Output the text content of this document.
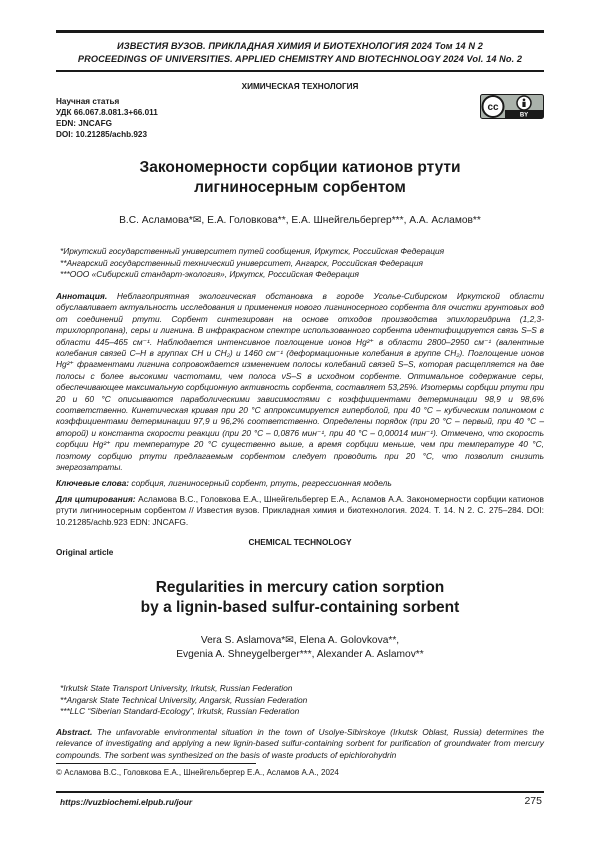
ИЗВЕСТИЯ ВУЗОВ. ПРИКЛАДНАЯ ХИМИЯ И БИОТЕХНОЛОГИЯ 2024 Том 14 N 2
PROCEEDINGS OF UNIVERSITIES. APPLIED CHEMISTRY AND BIOTECHNOLOGY 2024 Vol. 14 No. 2
ХИМИЧЕСКАЯ ТЕХНОЛОГИЯ
Научная статья
УДК 66.067.8.081.3+66.011
EDN: JNCAFG
DOI: 10.21285/achb.923
cc
BY
Закономерности сорбции катионов ртути
лигниносерным сорбентом
В.С. Асламова*✉, Е.А. Головкова**, Е.А. Шнейгельбергер***, А.А. Асламов**
*Иркутский государственный университет путей сообщения, Иркутск, Российская Федерация
**Ангарский государственный технический университет, Ангарск, Российская Федерация
***ООО «Сибирский стандарт-экология», Иркутск, Российская Федерация
Аннотация. Неблагоприятная экологическая обстановка в городе Усолье-Сибирском Иркутской области обуславливает актуальность исследования и применения нового лигниносерного сорбента для очистки грунтовых вод от соединений ртути. Сорбент синтезирован на основе отходов производства эпихлоргидрина (1,2,3-трихлорпропана), серы и лигнина. В инфракрасном спектре использованного сорбента идентифицируется связь S–S в области 445–465 см⁻¹. Наблюдается интенсивное поглощение ионов Hg²⁺ в области 2800–2950 см⁻¹ (валентные колебания связей C–H в группах CH и CH₂) и 1460 см⁻¹ (деформационные колебания в группе CH₂). Поглощение ионов Hg²⁺ фрагментами лигнина сопровождается изменением полосы колебаний связей S–S, которая расщепляется на две полосы с более высокими частотами, чем полоса νS–S в исходном сорбенте. Оптимальное содержание серы, обеспечивающее максимальную сорбционную активность сорбента, составляет 53,25%. Изотермы сорбции ртути при 20 и 60 °C описываются параболическими зависимостями с коэффициентами детерминации 98,9 и 98,6% соответственно. Кинетическая кривая при 20 °C аппроксимируется гиперболой, при 40 °C – кубическим полиномом с коэффициентами детерминации 97,9 и 96,2% соответственно. Определены порядок (при 20 °C – первый, при 40 °C – второй) и константа скорости реакции (при 20 °C – 0,0876 мин⁻¹, при 40 °C – 0,00014 мин⁻¹). Отмечено, что скорость сорбции Hg²⁺ при температуре 20 °C существенно выше, а время сорбции меньше, чем при температуре 40 °C, поэтому сорбцию ртути предлагаемым сорбентом следует проводить при 20 °C, что позволит снизить энергозатраты.
Ключевые слова: сорбция, лигниносерный сорбент, ртуть, регрессионная модель
Для цитирования: Асламова В.С., Головкова Е.А., Шнейгельбергер Е.А., Асламов А.А. Закономерности сорбции катионов ртути лигниносерным сорбентом // Известия вузов. Прикладная химия и биотехнология. 2024. Т. 14. N 2. С. 275–284. DOI: 10.21285/achb.923 EDN: JNCAFG.
CHEMICAL TECHNOLOGY
Original article
Regularities in mercury cation sorption
by a lignin-based sulfur-containing sorbent
Vera S. Aslamova*✉, Elena A. Golovkova**,
Evgenia A. Shneygelberger***, Alexander A. Aslamov**
*Irkutsk State Transport University, Irkutsk, Russian Federation
**Angarsk State Technical University, Angarsk, Russian Federation
***LLC “Siberian Standard-Ecology”, Irkutsk, Russian Federation
Abstract. The unfavorable environmental situation in the town of Usolye-Sibirskoye (Irkutsk Oblast, Russia) determines the relevance of investigating and applying a new lignin-based sulfur-containing sorbent for purification of groundwater from mercury compounds. The sorbent was synthesized on the basis of waste products of epichlorohydrin
© Асламова В.С., Головкова Е.А., Шнейгельбергер Е.А., Асламов А.А., 2024
https://vuzbiochemi.elpub.ru/jour	275
